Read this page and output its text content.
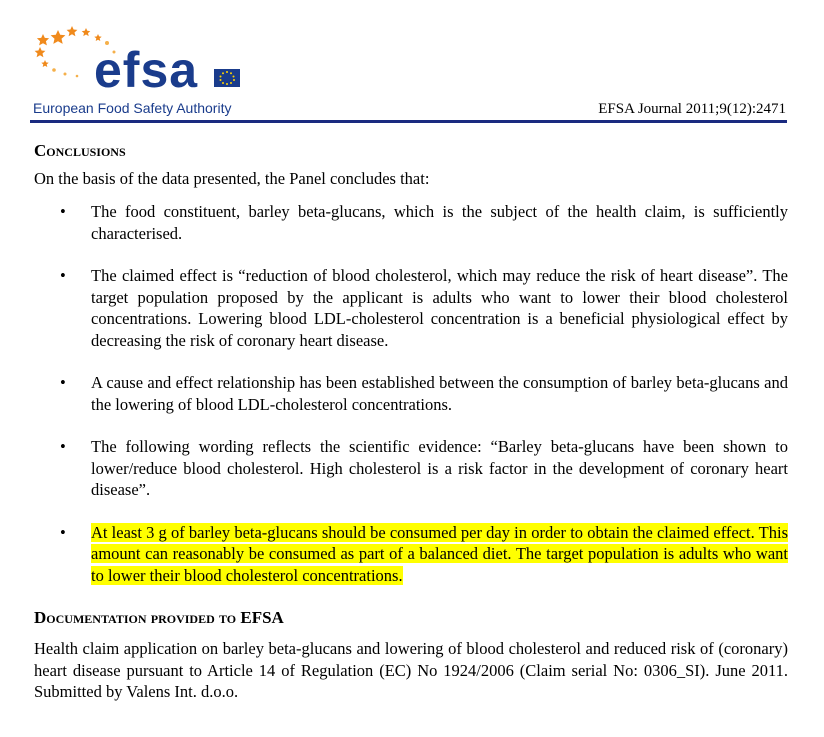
efsa
European Food Safety Authority	EFSA Journal 2011;9(12):2471
Conclusions

On the basis of the data presented, the Panel concludes that:

• The food constituent, barley beta-glucans, which is the subject of the health claim, is sufficiently characterised.
• The claimed effect is “reduction of blood cholesterol, which may reduce the risk of heart disease”. The target population proposed by the applicant is adults who want to lower their blood cholesterol concentrations. Lowering blood LDL-cholesterol concentration is a beneficial physiological effect by decreasing the risk of coronary heart disease.
• A cause and effect relationship has been established between the consumption of barley beta-glucans and the lowering of blood LDL-cholesterol concentrations.
• The following wording reflects the scientific evidence: “Barley beta-glucans have been shown to lower/reduce blood cholesterol. High cholesterol is a risk factor in the development of coronary heart disease”.
• At least 3 g of barley beta-glucans should be consumed per day in order to obtain the claimed effect. This amount can reasonably be consumed as part of a balanced diet. The target population is adults who want to lower their blood cholesterol concentrations.
Documentation provided to EFSA

Health claim application on barley beta-glucans and lowering of blood cholesterol and reduced risk of (coronary) heart disease pursuant to Article 14 of Regulation (EC) No 1924/2006 (Claim serial No: 0306_SI). June 2011. Submitted by Valens Int. d.o.o.
